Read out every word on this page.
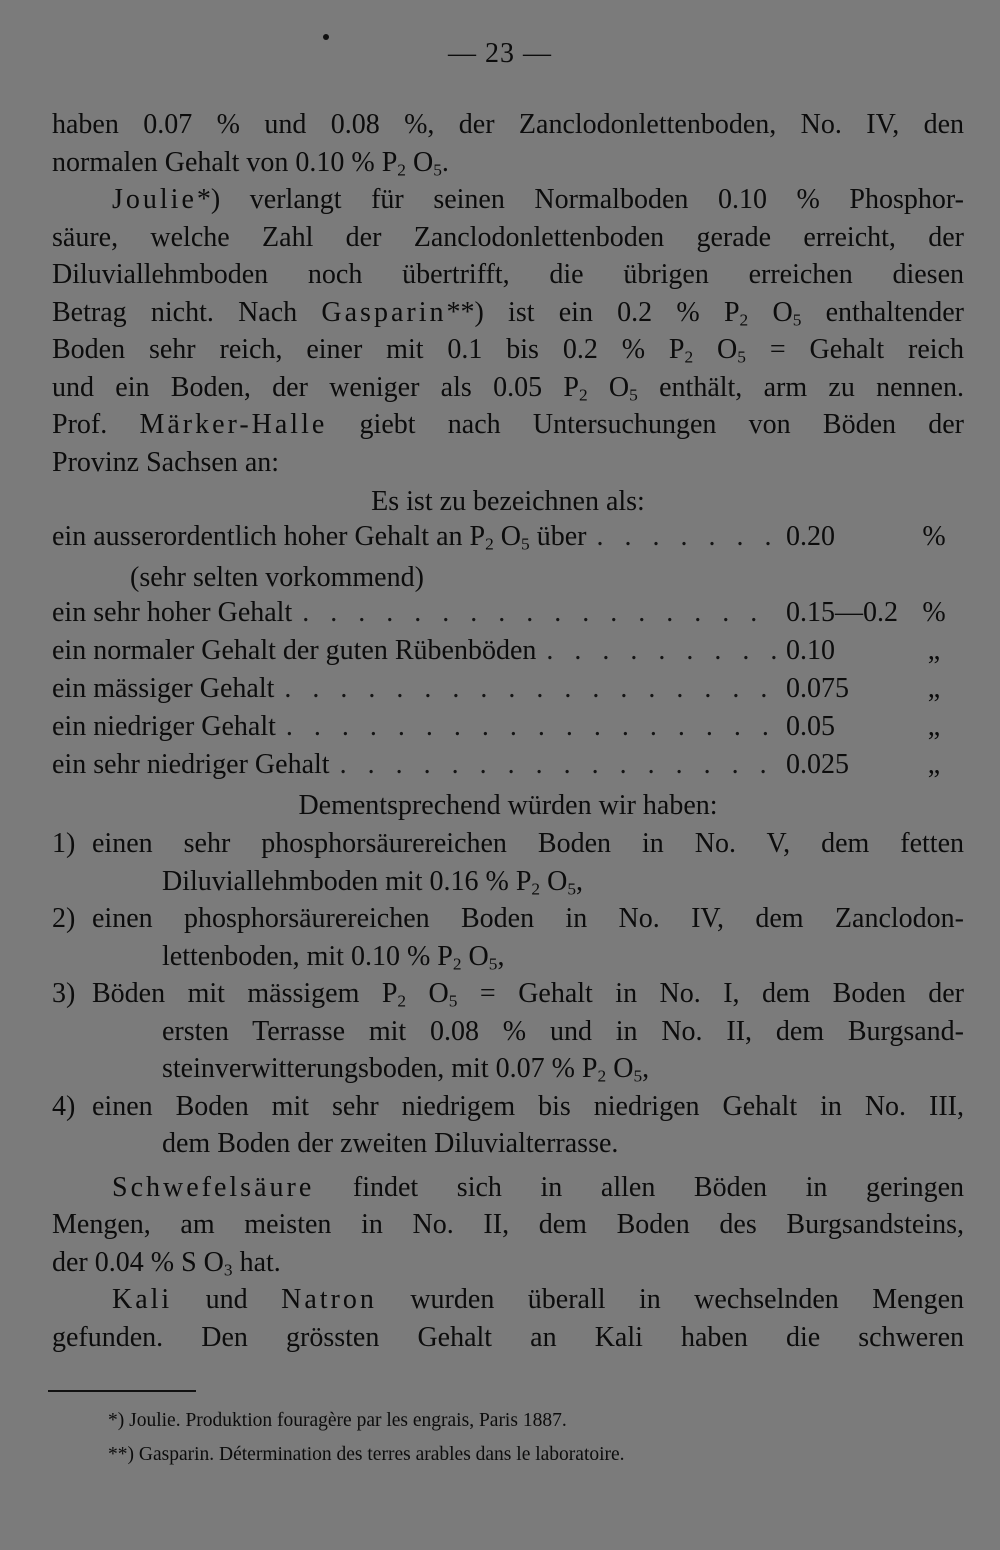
— 23 —

haben 0.07 % und 0.08 %, der Zanclodonlettenboden, No. IV, den

normalen Gehalt von 0.10 % $P_2$ $O_5$.

Joulie*) verlangt für seinen Normalboden 0.10 % Phosphor-

säure, welche Zahl der Zanclodonlettenboden gerade erreicht, der

Diluviallehmboden noch übertrifft, die übrigen erreichen diesen

Betrag nicht. Nach Gasparin**) ist ein 0.2 % $P_2$ $O_5$ enthaltender

Boden sehr reich, einer mit 0.1 bis 0.2 % $P_2$ $O_5$ = Gehalt reich

und ein Boden, der weniger als 0.05 $P_2$ $O_5$ enthält, arm zu nennen.

Prof. Märker-Halle giebt nach Untersuchungen von Böden der

Provinz Sachsen an:

Es ist zu bezeichnen als:

ein ausserordentlich hoher Gehalt an $P_2$ $O_5$ über . . .	0.20	%
(sehr selten vorkommend)
ein sehr hoher Gehalt . . .	0.15—0.2 %
ein normaler Gehalt der guten Rübenböden . . .	0.10	„
ein mässiger Gehalt . . .	0.075	„
ein niedriger Gehalt . . .	0.05	„
ein sehr niedriger Gehalt . . .	0.025	„

Dementsprechend würden wir haben:

1) einen sehr phosphorsäurereichen Boden in No. V, dem fetten

Diluviallehmboden mit 0.16 % $P_2$ $O_5$,

2) einen phosphorsäurereichen Boden in No. IV, dem Zanclodon-

lettenboden, mit 0.10 % $P_2$ $O_5$,

3) Böden mit mässigem $P_2$ $O_5$ = Gehalt in No. I, dem Boden der

ersten Terrasse mit 0.08 % und in No. II, dem Burgsand-

steinverwitterungsboden, mit 0.07 % $P_2$ $O_5$,

4) einen Boden mit sehr niedrigem bis niedrigen Gehalt in No. III,

dem Boden der zweiten Diluvialterrasse.

Schwefelsäure findet sich in allen Böden in geringen

Mengen, am meisten in No. II, dem Boden des Burgsandsteins,

der 0.04 % S $O_3$ hat.

Kali und Natron wurden überall in wechselnden Mengen

gefunden. Den grössten Gehalt an Kali haben die schweren

*) Joulie. Produktion fouragère par les engrais, Paris 1887.

**) Gasparin. Détermination des terres arables dans le laboratoire.
